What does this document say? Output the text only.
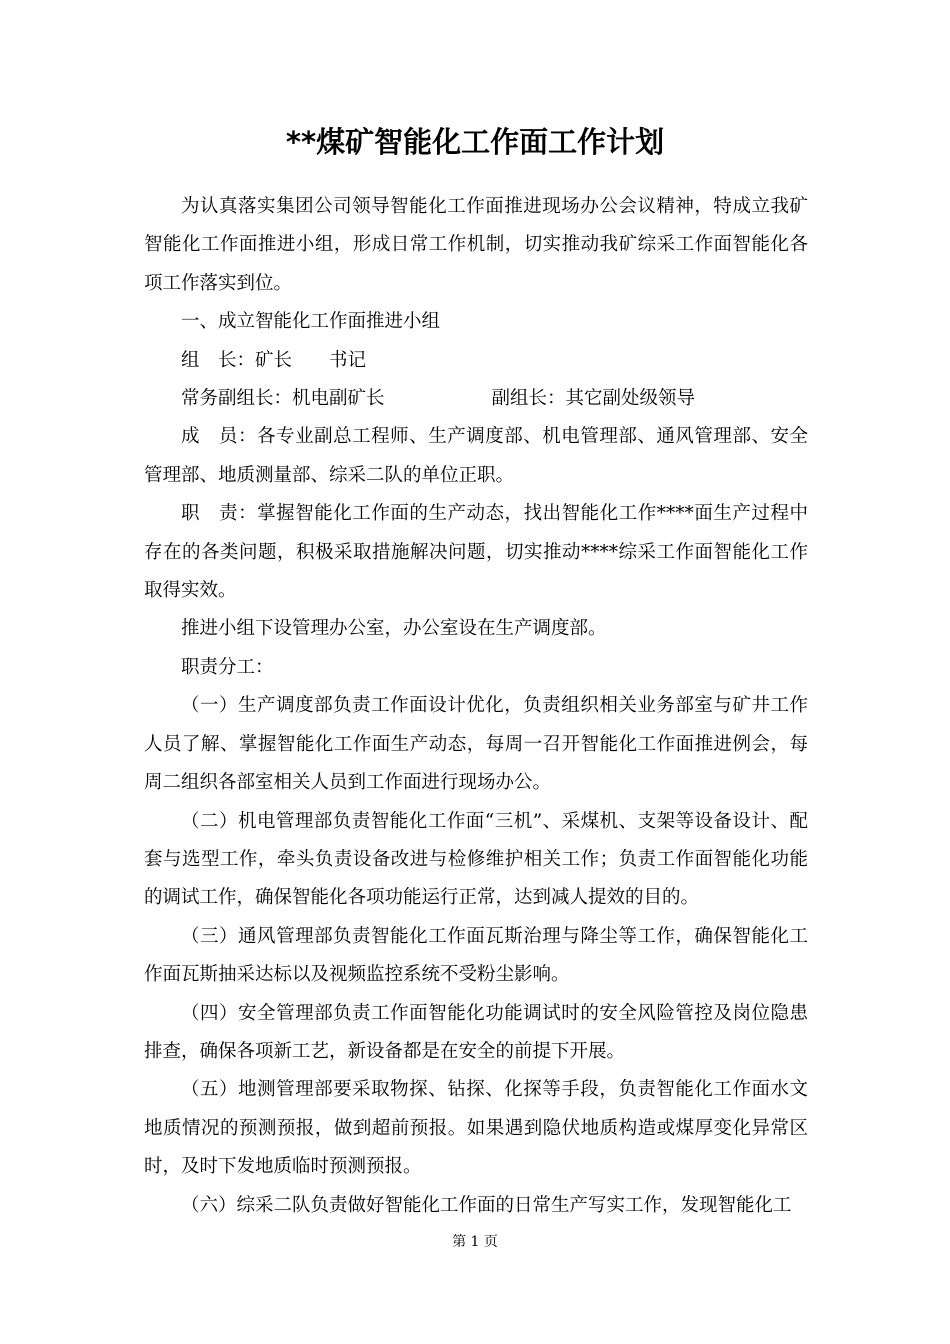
**煤矿智能化工作面工作计划

为认真落实集团公司领导智能化工作面推进现场办公会议精神，特成立我矿智能化工作面推进小组，形成日常工作机制，切实推动我矿综采工作面智能化各项工作落实到位。

一、成立智能化工作面推进小组

组　长：矿长　　书记

常务副组长：机电副矿长	副组长：其它副处级领导

成　员：各专业副总工程师、生产调度部、机电管理部、通风管理部、安全管理部、地质测量部、综采二队的单位正职。

职　责：掌握智能化工作面的生产动态，找出智能化工作****面生产过程中存在的各类问题，积极采取措施解决问题，切实推动****综采工作面智能化工作取得实效。

推进小组下设管理办公室，办公室设在生产调度部。

职责分工：

（一）生产调度部负责工作面设计优化，负责组织相关业务部室与矿井工作人员了解、掌握智能化工作面生产动态，每周一召开智能化工作面推进例会，每周二组织各部室相关人员到工作面进行现场办公。

（二）机电管理部负责智能化工作面“三机”、采煤机、支架等设备设计、配套与选型工作，牵头负责设备改进与检修维护相关工作；负责工作面智能化功能的调试工作，确保智能化各项功能运行正常，达到减人提效的目的。

（三）通风管理部负责智能化工作面瓦斯治理与降尘等工作，确保智能化工作面瓦斯抽采达标以及视频监控系统不受粉尘影响。

（四）安全管理部负责工作面智能化功能调试时的安全风险管控及岗位隐患排查，确保各项新工艺，新设备都是在安全的前提下开展。

（五）地测管理部要采取物探、钻探、化探等手段，负责智能化工作面水文地质情况的预测预报，做到超前预报。如果遇到隐伏地质构造或煤厚变化异常区时，及时下发地质临时预测预报。

（六）综采二队负责做好智能化工作面的日常生产写实工作，发现智能化工

第 1 页
